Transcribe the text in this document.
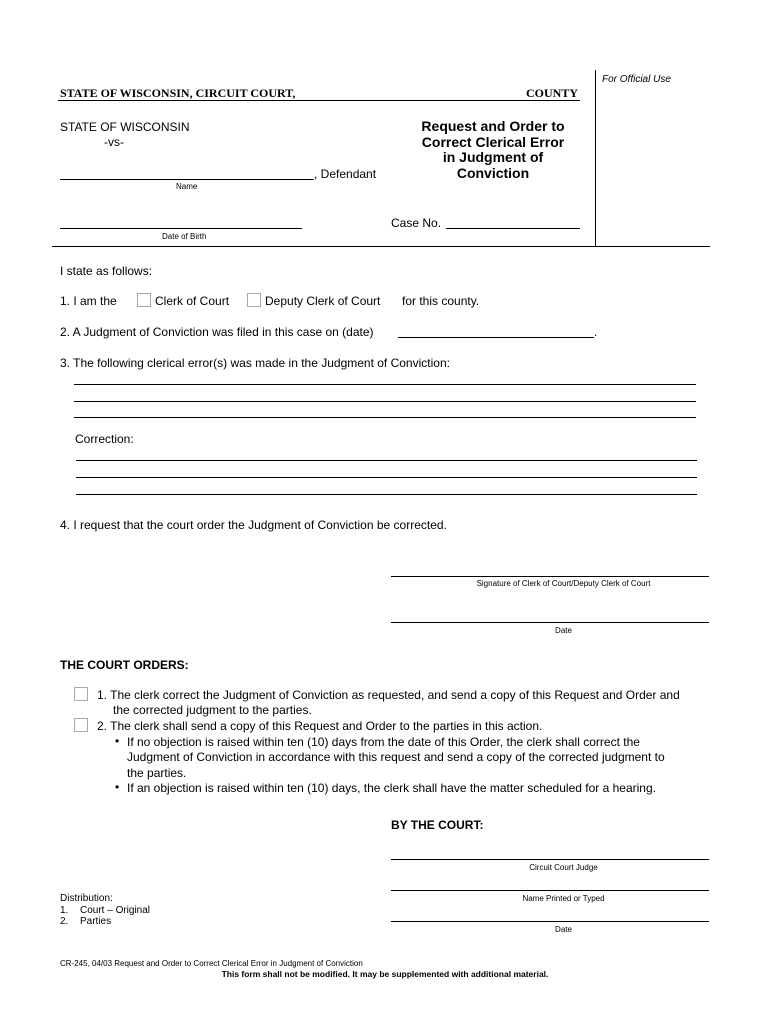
For Official Use
STATE OF WISCONSIN, CIRCUIT COURT,	COUNTY
STATE OF WISCONSIN
-vs-
, Defendant
Name
Date of Birth
Request and Order to
Correct Clerical Error
in Judgment of
Conviction
Case No.
I state as follows:
1. I am the	Clerk of Court	Deputy Clerk of Court for this county.
2. A Judgment of Conviction was filed in this case on (date)	.
3. The following clerical error(s) was made in the Judgment of Conviction:
Correction:
4. I request that the court order the Judgment of Conviction be corrected.
Signature of Clerk of Court/Deputy Clerk of Court
Date
THE COURT ORDERS:
1. The clerk correct the Judgment of Conviction as requested, and send a copy of this Request and Order and
the corrected judgment to the parties.
2. The clerk shall send a copy of this Request and Order to the parties in this action.
• If no objection is raised within ten (10) days from the date of this Order, the clerk shall correct the
Judgment of Conviction in accordance with this request and send a copy of the corrected judgment to
the parties.
• If an objection is raised within ten (10) days, the clerk shall have the matter scheduled for a hearing.
BY THE COURT:
Circuit Court Judge
Name Printed or Typed
Date
Distribution:
1. Court – Original
2. Parties
CR-245, 04/03 Request and Order to Correct Clerical Error in Judgment of Conviction
This form shall not be modified. It may be supplemented with additional material.
